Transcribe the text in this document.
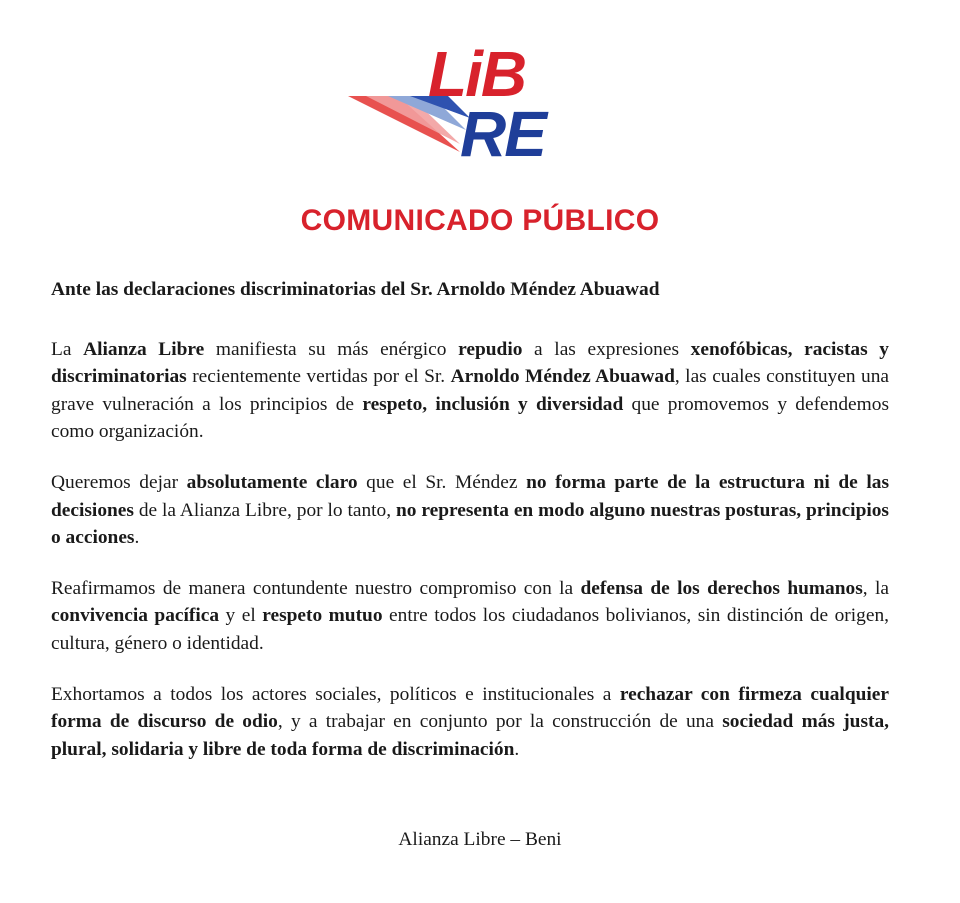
LiB
RE
COMUNICADO PÚBLICO

Ante las declaraciones discriminatorias del Sr. Arnoldo Méndez Abuawad

La Alianza Libre manifiesta su más enérgico repudio a las expresiones xenofóbicas, racistas y discriminatorias recientemente vertidas por el Sr. Arnoldo Méndez Abuawad, las cuales constituyen una grave vulneración a los principios de respeto, inclusión y diversidad que promovemos y defendemos como organización.

Queremos dejar absolutamente claro que el Sr. Méndez no forma parte de la estructura ni de las decisiones de la Alianza Libre, por lo tanto, no representa en modo alguno nuestras posturas, principios o acciones.

Reafirmamos de manera contundente nuestro compromiso con la defensa de los derechos humanos, la convivencia pacífica y el respeto mutuo entre todos los ciudadanos bolivianos, sin distinción de origen, cultura, género o identidad.

Exhortamos a todos los actores sociales, políticos e institucionales a rechazar con firmeza cualquier forma de discurso de odio, y a trabajar en conjunto por la construcción de una sociedad más justa, plural, solidaria y libre de toda forma de discriminación.

Alianza Libre – Beni
